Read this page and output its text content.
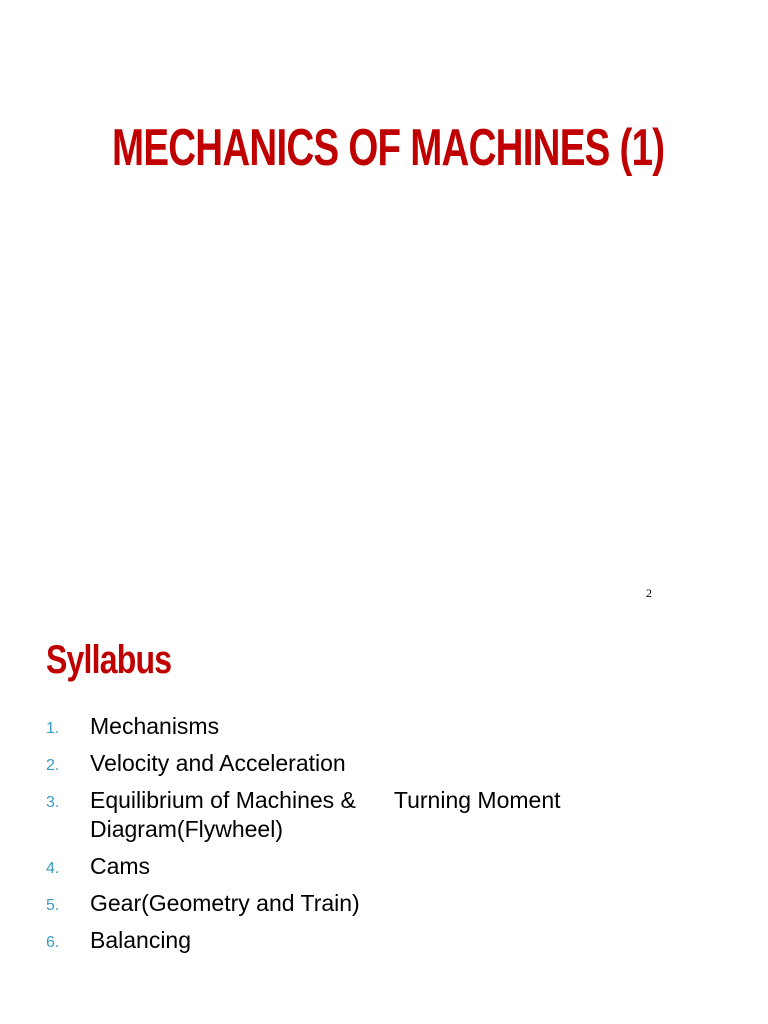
MECHANICS OF MACHINES (1)
2
Syllabus
1. Mechanisms
2. Velocity and Acceleration
3. Equilibrium of Machines & Turning Moment
Diagram(Flywheel)
4. Cams
5. Gear(Geometry and Train)
6. Balancing
